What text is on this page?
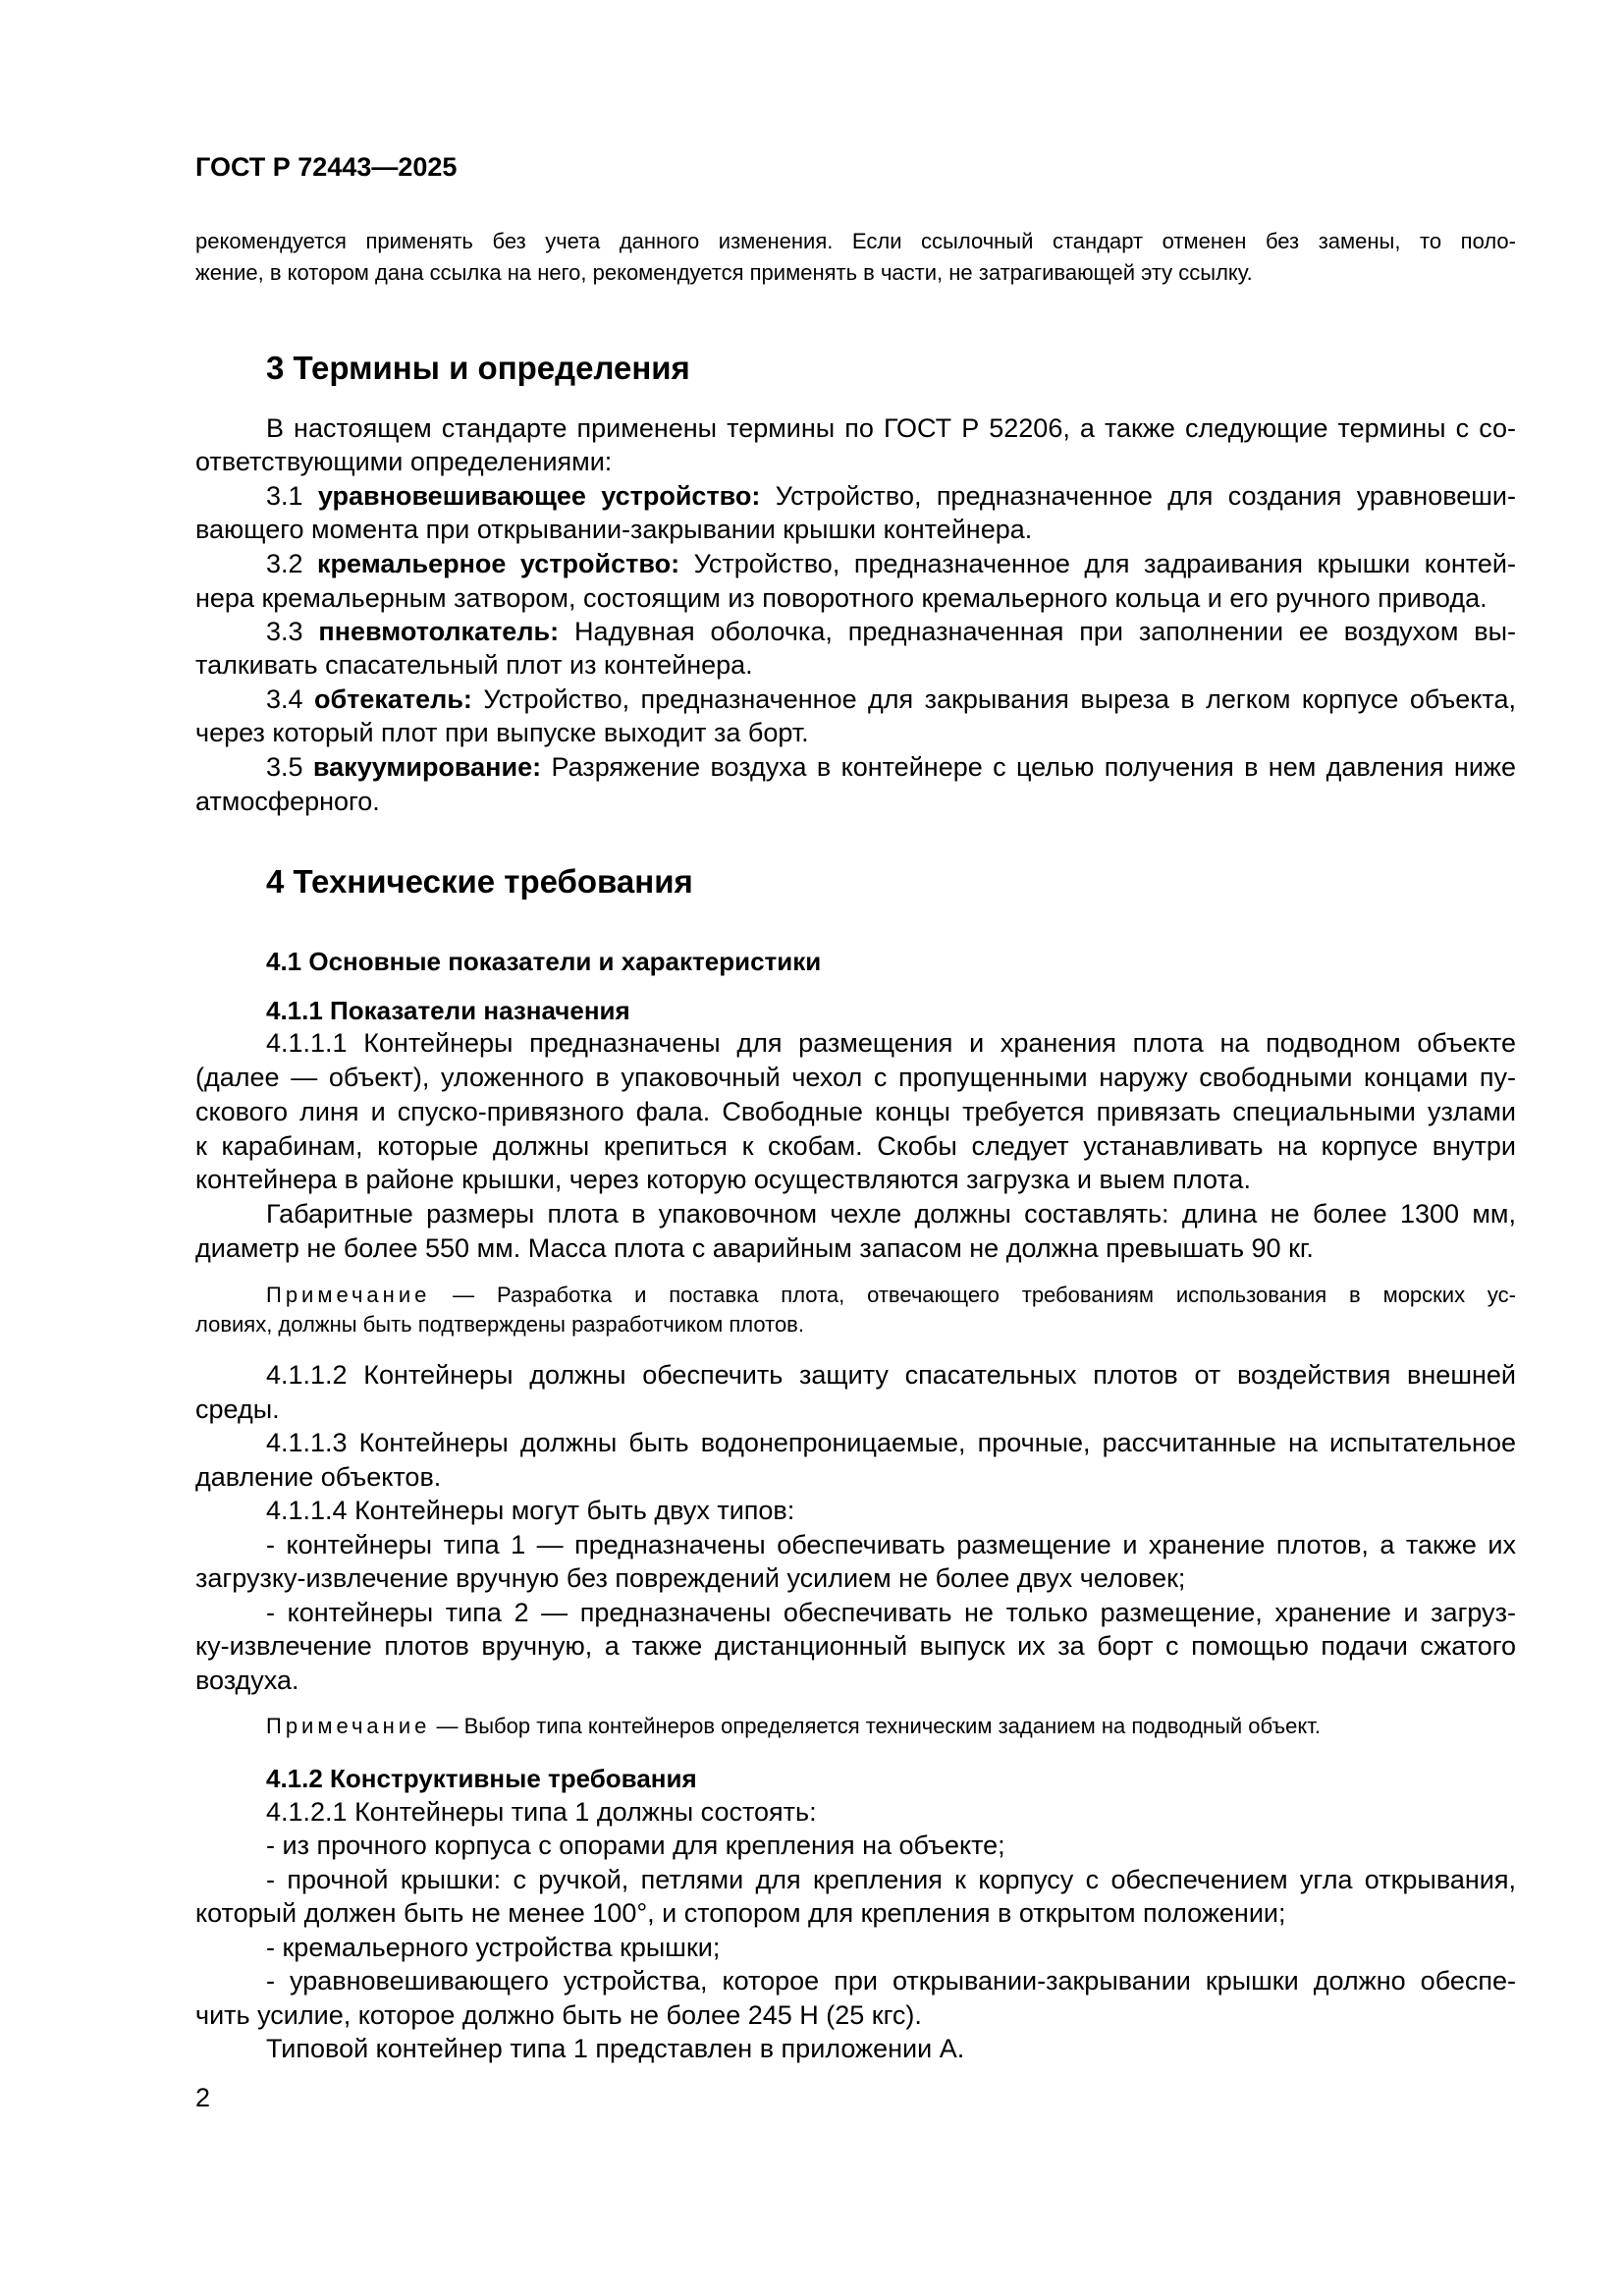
ГОСТ Р 72443—2025
рекомендуется применять без учета данного изменения. Если ссылочный стандарт отменен без замены, то поло-
жение, в котором дана ссылка на него, рекомендуется применять в части, не затрагивающей эту ссылку.
3 Термины и определения
В настоящем стандарте применены термины по ГОСТ Р 52206, а также следующие термины с со-
ответствующими определениями:
3.1 уравновешивающее устройство: Устройство, предназначенное для создания уравновеши-
вающего момента при открывании-закрывании крышки контейнера.
3.2 кремальерное устройство: Устройство, предназначенное для задраивания крышки контей-
нера кремальерным затвором, состоящим из поворотного кремальерного кольца и его ручного привода.
3.3 пневмотолкатель: Надувная оболочка, предназначенная при заполнении ее воздухом вы-
талкивать спасательный плот из контейнера.
3.4 обтекатель: Устройство, предназначенное для закрывания выреза в легком корпусе объекта,
через который плот при выпуске выходит за борт.
3.5 вакуумирование: Разряжение воздуха в контейнере с целью получения в нем давления ниже
атмосферного.
4 Технические требования
4.1 Основные показатели и характеристики
4.1.1 Показатели назначения
4.1.1.1 Контейнеры предназначены для размещения и хранения плота на подводном объекте
(далее — объект), уложенного в упаковочный чехол с пропущенными наружу свободными концами пу-
скового линя и спуско-привязного фала. Свободные концы требуется привязать специальными узлами
к карабинам, которые должны крепиться к скобам. Скобы следует устанавливать на корпусе внутри
контейнера в районе крышки, через которую осуществляются загрузка и выем плота.
Габаритные размеры плота в упаковочном чехле должны составлять: длина не более 1300 мм,
диаметр не более 550 мм. Масса плота с аварийным запасом не должна превышать 90 кг.
Примечание — Разработка и поставка плота, отвечающего требованиям использования в морских ус-
ловиях, должны быть подтверждены разработчиком плотов.
4.1.1.2 Контейнеры должны обеспечить защиту спасательных плотов от воздействия внешней
среды.
4.1.1.3 Контейнеры должны быть водонепроницаемые, прочные, рассчитанные на испытательное
давление объектов.
4.1.1.4 Контейнеры могут быть двух типов:
- контейнеры типа 1 — предназначены обеспечивать размещение и хранение плотов, а также их
загрузку-извлечение вручную без повреждений усилием не более двух человек;
- контейнеры типа 2 — предназначены обеспечивать не только размещение, хранение и загруз-
ку-извлечение плотов вручную, а также дистанционный выпуск их за борт с помощью подачи сжатого
воздуха.
Примечание — Выбор типа контейнеров определяется техническим заданием на подводный объект.
4.1.2 Конструктивные требования
4.1.2.1 Контейнеры типа 1 должны состоять:
- из прочного корпуса с опорами для крепления на объекте;
- прочной крышки: с ручкой, петлями для крепления к корпусу с обеспечением угла открывания,
который должен быть не менее 100°, и стопором для крепления в открытом положении;
- кремальерного устройства крышки;
- уравновешивающего устройства, которое при открывании-закрывании крышки должно обеспе-
чить усилие, которое должно быть не более 245 Н (25 кгс).
Типовой контейнер типа 1 представлен в приложении А.
2
